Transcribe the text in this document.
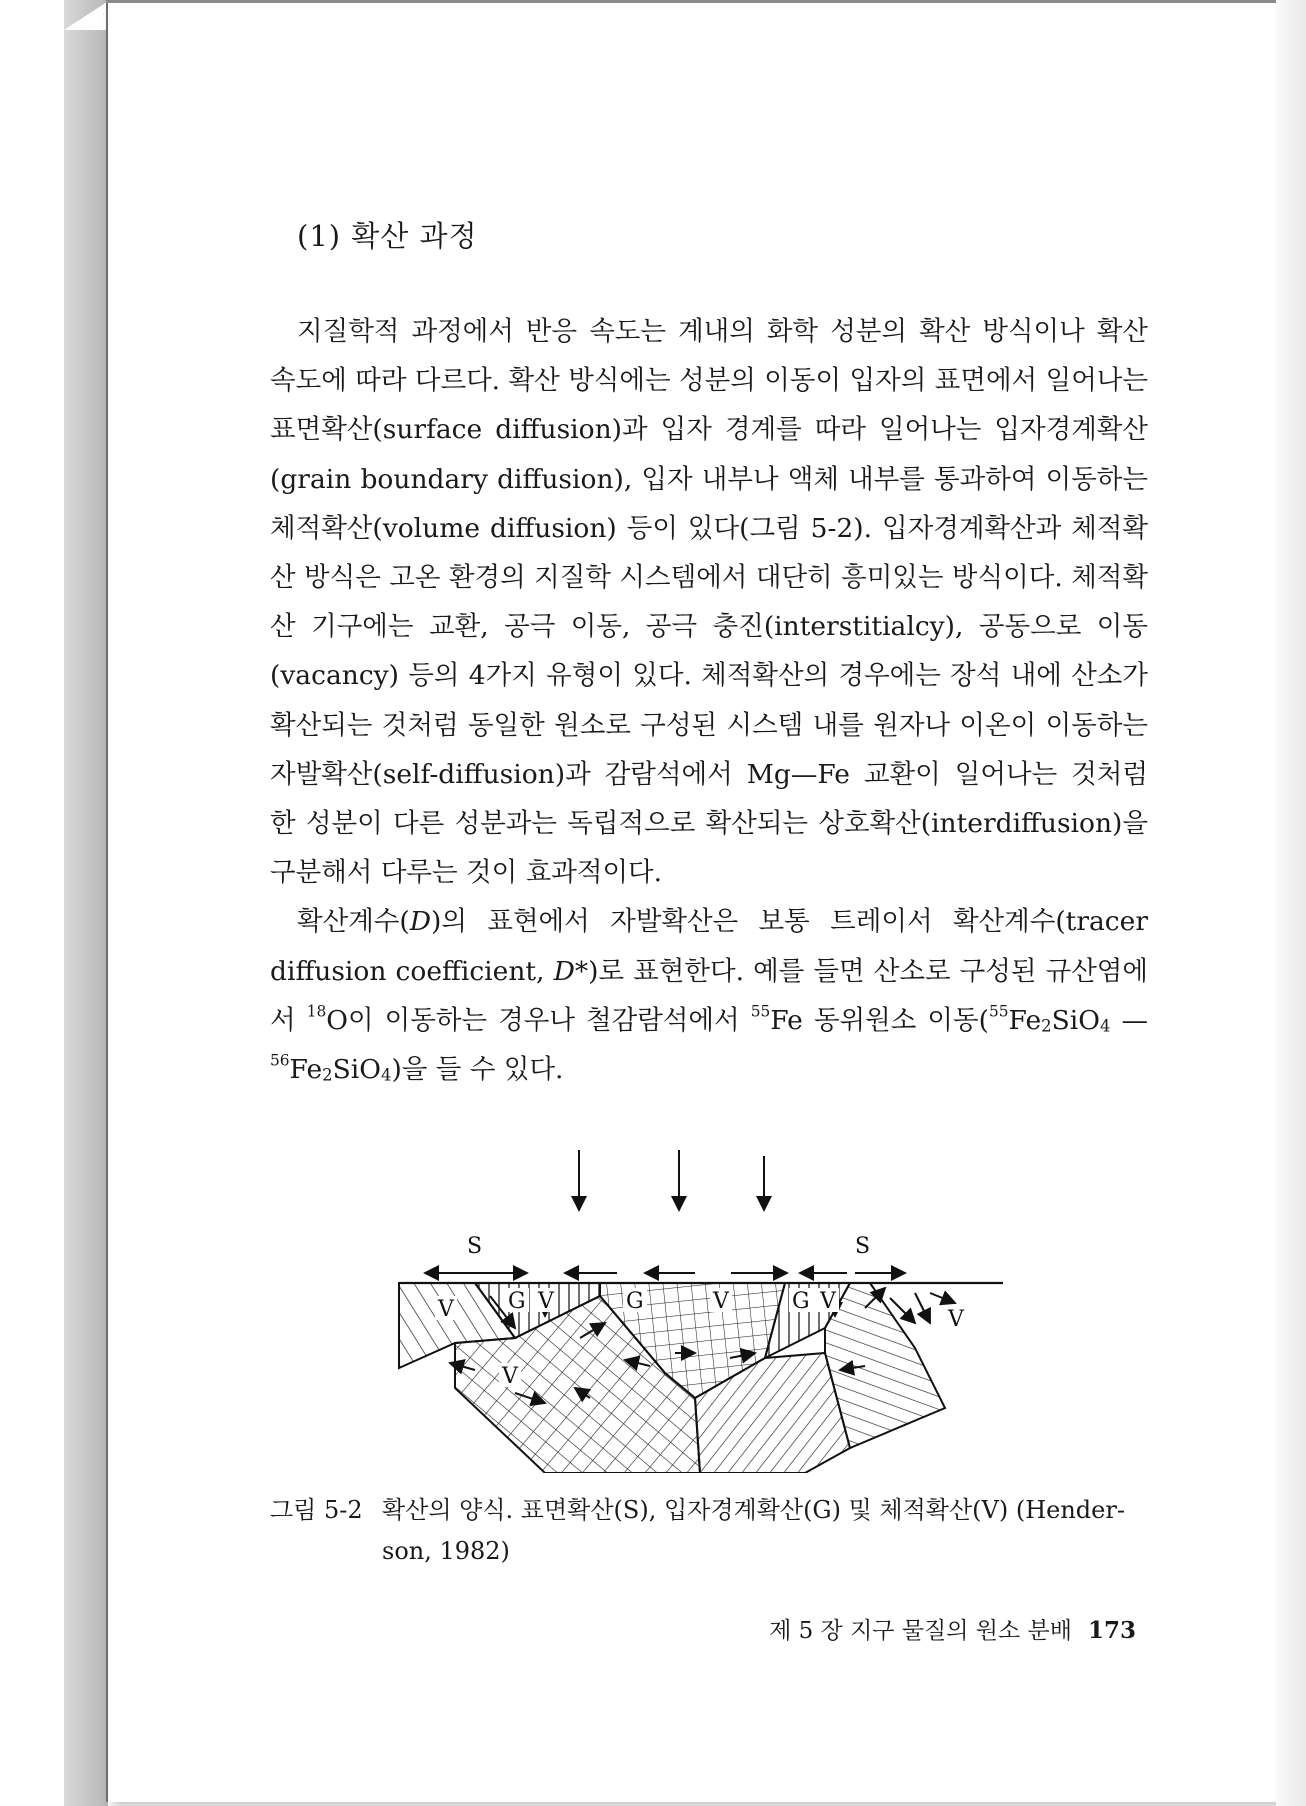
(1) 확산 과정

지질학적 과정에서 반응 속도는 계내의 화학 성분의 확산 방식이나 확산 속도에 따라 다르다. 확산 방식에는 성분의 이동이 입자의 표면에서 일어나는 표면확산(surface diffusion)과 입자 경계를 따라 일어나는 입자경계확산(grain boundary diffusion), 입자 내부나 액체 내부를 통과하여 이동하는 체적확산(volume diffusion) 등이 있다(그림 5-2). 입자경계확산과 체적확산 방식은 고온 환경의 지질학 시스템에서 대단히 흥미있는 방식이다. 체적확산 기구에는 교환, 공극 이동, 공극 충진(interstitialcy), 공동으로 이동(vacancy) 등의 4가지 유형이 있다. 체적확산의 경우에는 장석 내에 산소가 확산되는 것처럼 동일한 원소로 구성된 시스템 내를 원자나 이온이 이동하는 자발확산(self-diffusion)과 감람석에서 Mg—Fe 교환이 일어나는 것처럼 한 성분이 다른 성분과는 독립적으로 확산되는 상호확산(interdiffusion)을 구분해서 다루는 것이 효과적이다.

확산계수(D)의 표현에서 자발확산은 보통 트레이서 확산계수(tracer diffusion coefficient, D*)로 표현한다. 예를 들면 산소로 구성된 규산염에서 $^{18}$O이 이동하는 경우나 철감람석에서 $^{55}$Fe 동위원소 이동($^{55}Fe_2SiO_4$ $—^{56}Fe_2SiO_4$)을 들 수 있다.

S	S
V G V	G	V	G V
V
V
그림 5-2 확산의 양식. 표면확산(S), 입자경계확산(G) 및 체적확산(V) (Hender-
son, 1982)
제 5 장 지구 물질의 원소 분배 173
